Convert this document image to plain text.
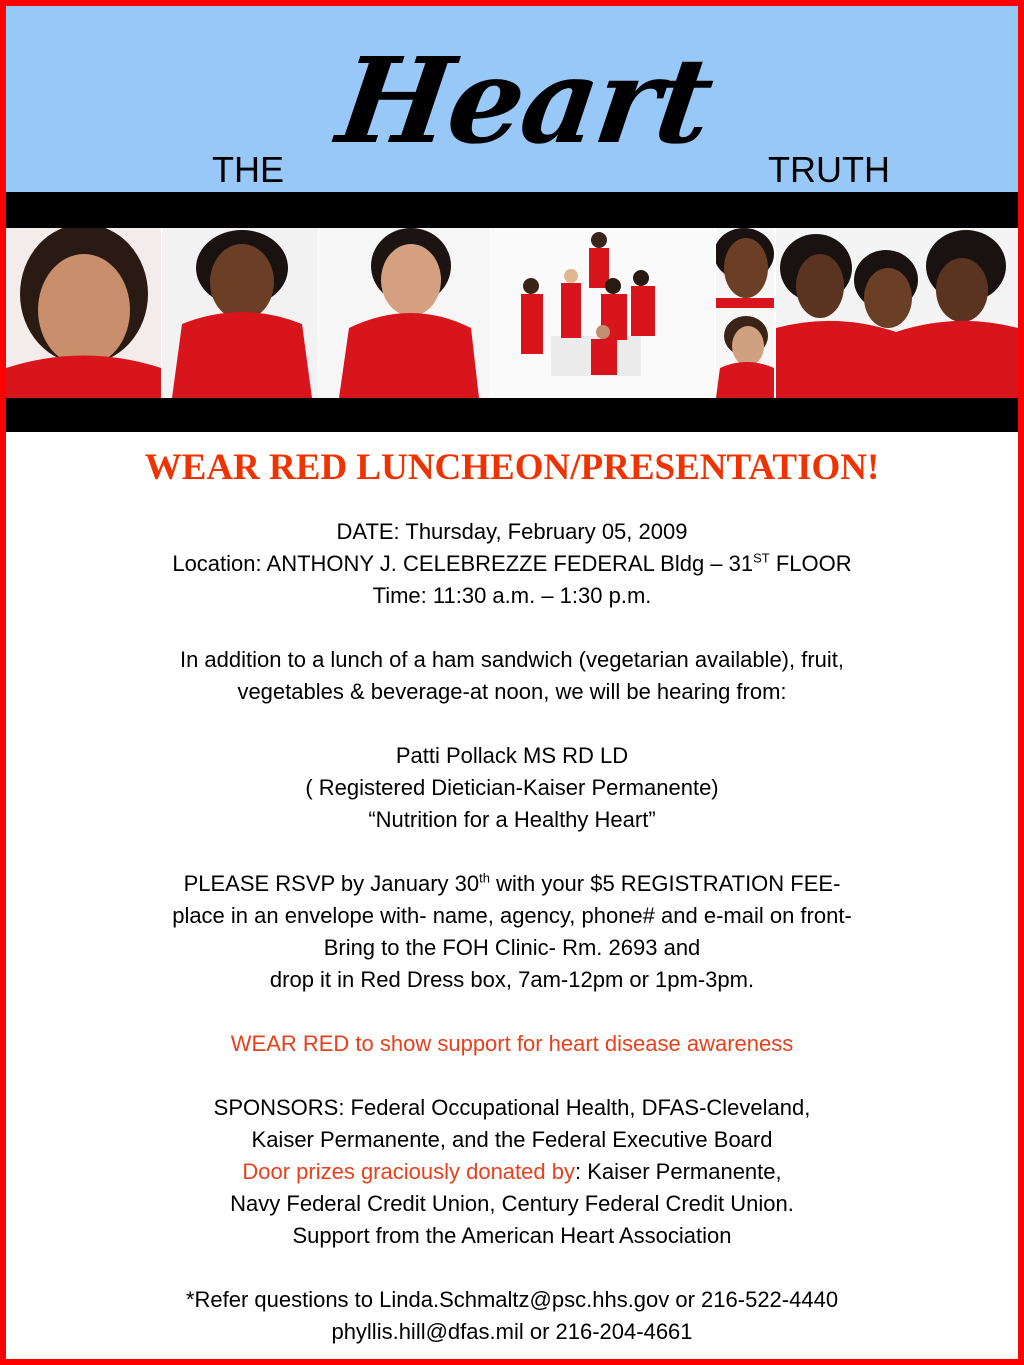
THE Heart	TRUTH
WEAR RED LUNCHEON/PRESENTATION!
DATE: Thursday, February 05, 2009
Location: ANTHONY J. CELEBREZZE FEDERAL Bldg – 31ST FLOOR
Time: 11:30 a.m. – 1:30 p.m.
In addition to a lunch of a ham sandwich (vegetarian available), fruit,
vegetables & beverage-at noon, we will be hearing from:
Patti Pollack MS RD LD
( Registered Dietician-Kaiser Permanente)
“Nutrition for a Healthy Heart”
PLEASE RSVP by January 30th with your $5 REGISTRATION FEE-
place in an envelope with- name, agency, phone# and e-mail on front-
Bring to the FOH Clinic- Rm. 2693 and
drop it in Red Dress box, 7am-12pm or 1pm-3pm.
WEAR RED to show support for heart disease awareness
SPONSORS: Federal Occupational Health, DFAS-Cleveland,
Kaiser Permanente, and the Federal Executive Board
Door prizes graciously donated by: Kaiser Permanente,
Navy Federal Credit Union, Century Federal Credit Union.
Support from the American Heart Association
*Refer questions to Linda.Schmaltz@psc.hhs.gov or 216-522-4440
phyllis.hill@dfas.mil or 216-204-4661
